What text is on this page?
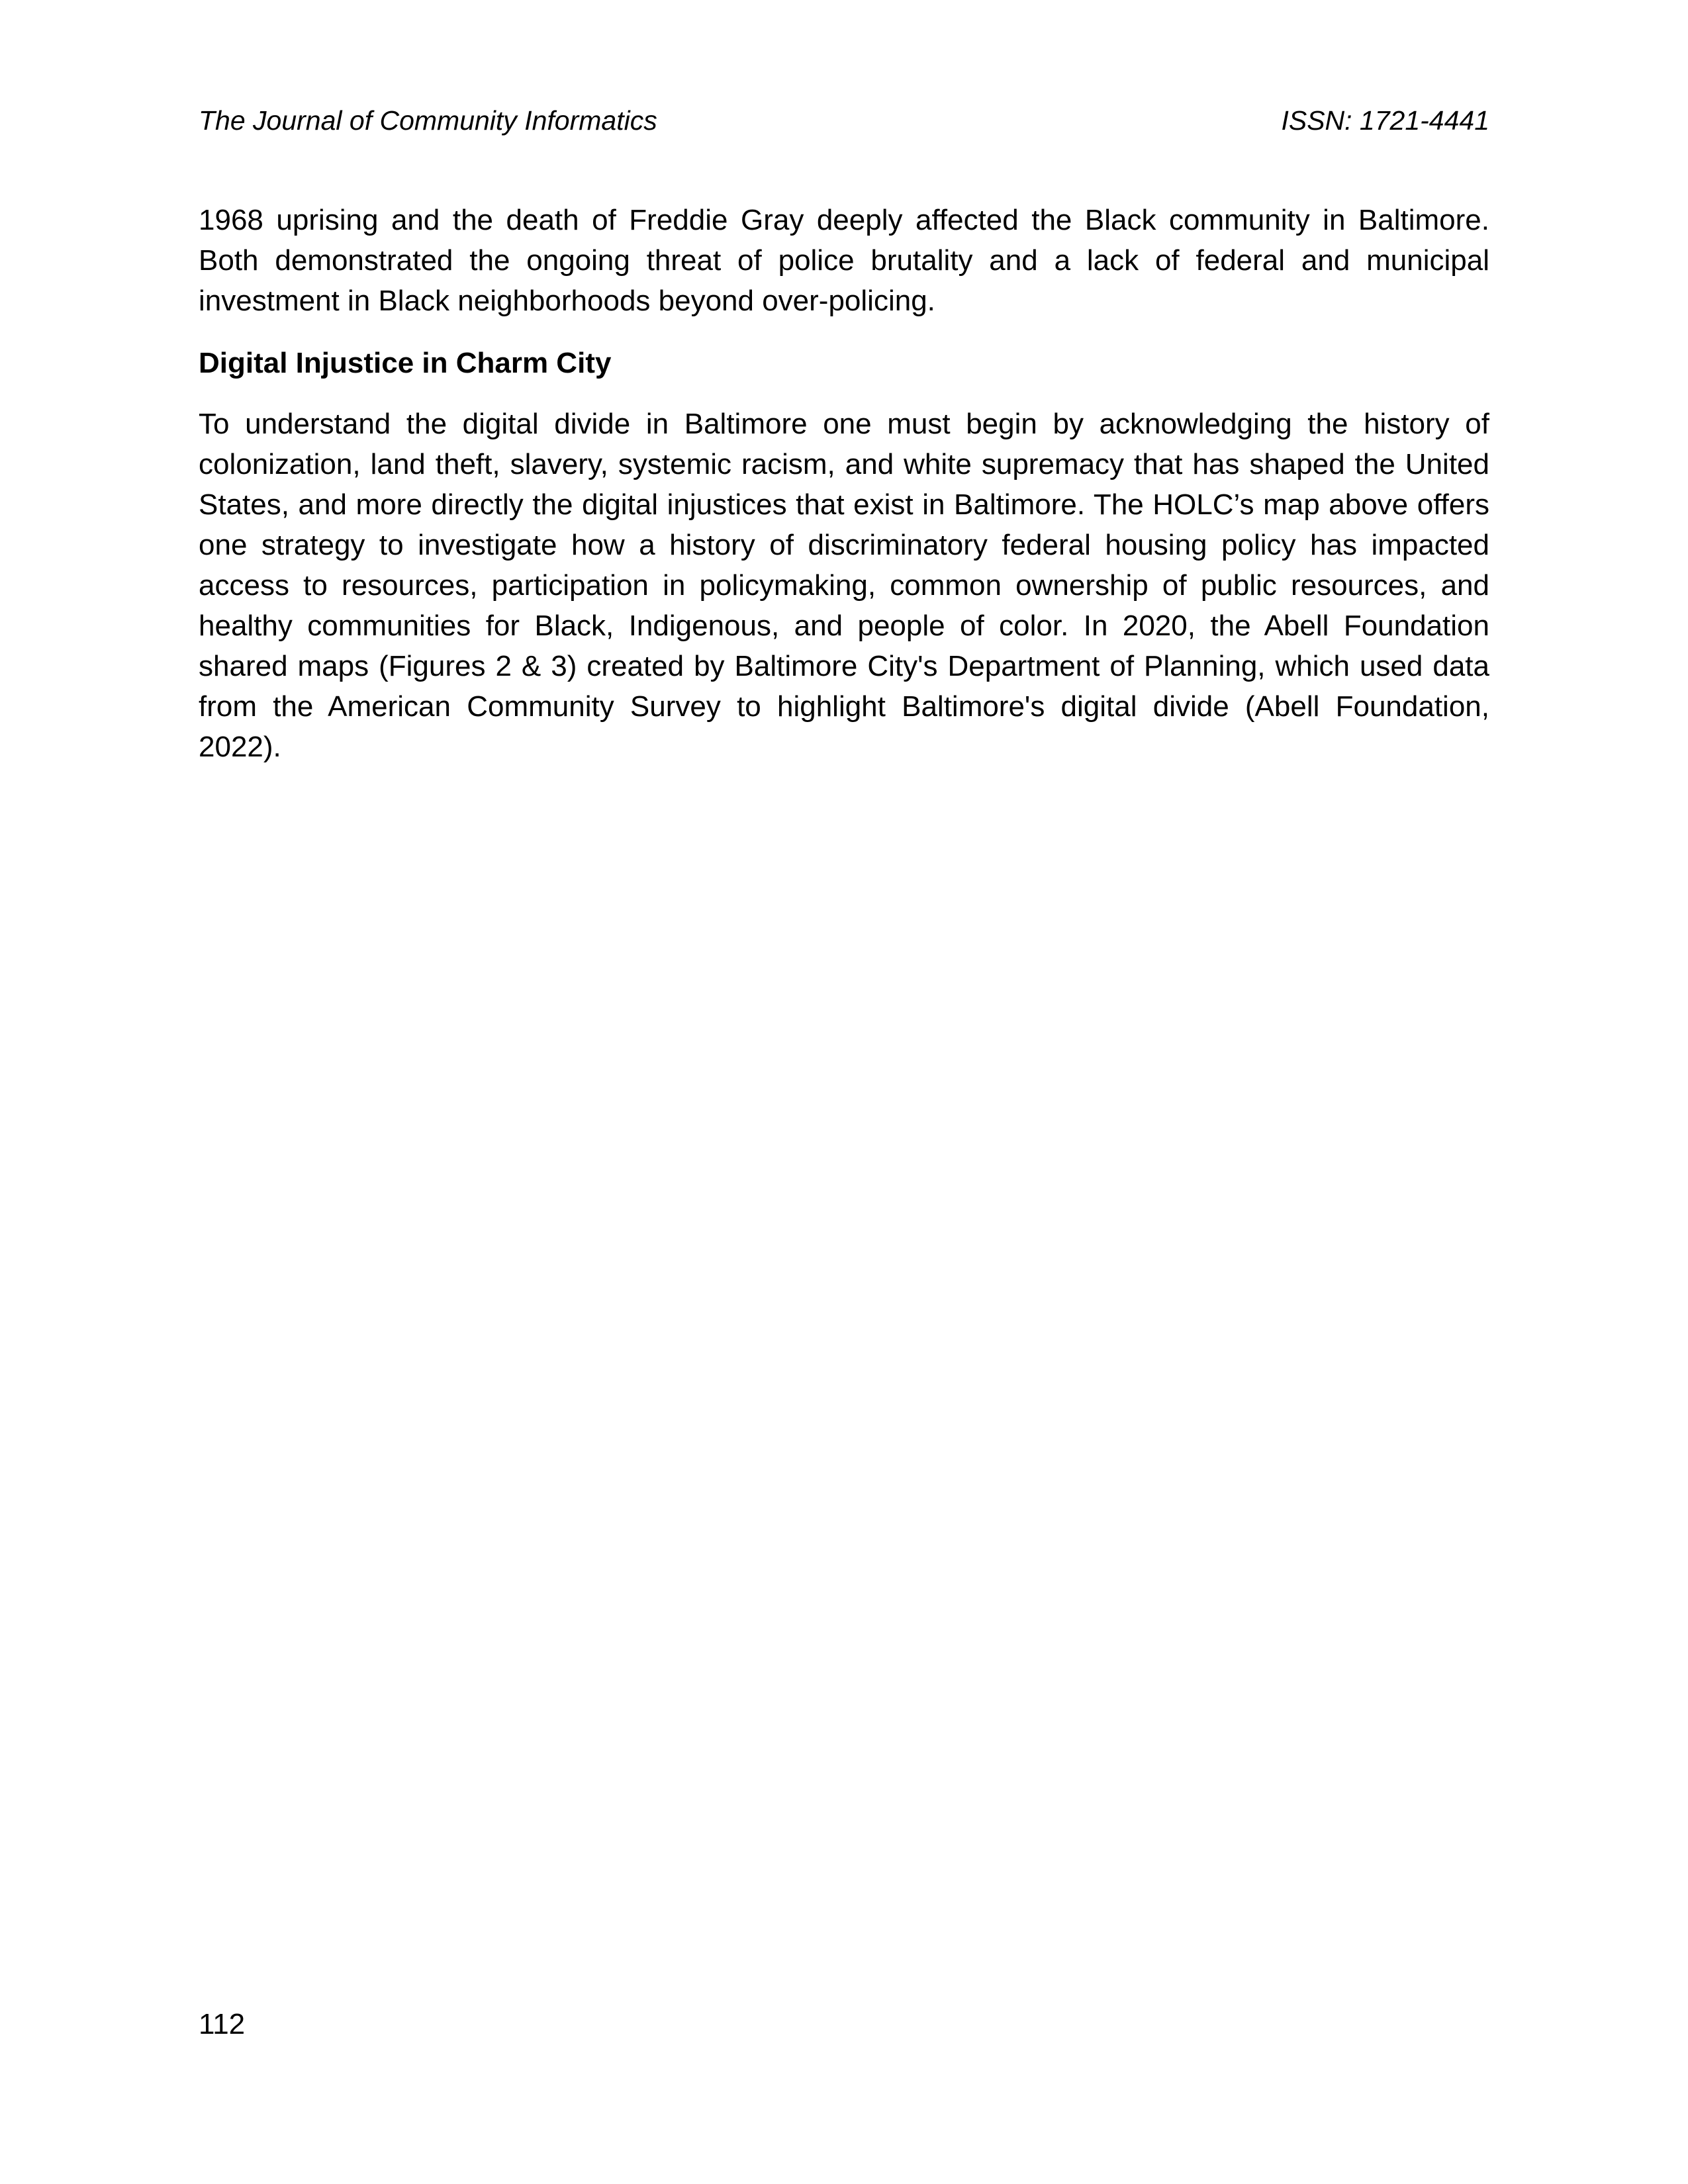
The Journal of Community Informatics	ISSN: 1721-4441

1968 uprising and the death of Freddie Gray deeply affected the Black community in Baltimore. Both demonstrated the ongoing threat of police brutality and a lack of federal and municipal investment in Black neighborhoods beyond over-policing.

Digital Injustice in Charm City

To understand the digital divide in Baltimore one must begin by acknowledging the history of colonization, land theft, slavery, systemic racism, and white supremacy that has shaped the United States, and more directly the digital injustices that exist in Baltimore. The HOLC’s map above offers one strategy to investigate how a history of discriminatory federal housing policy has impacted access to resources, participation in policymaking, common ownership of public resources, and healthy communities for Black, Indigenous, and people of color. In 2020, the Abell Foundation shared maps (Figures 2 & 3) created by Baltimore City's Department of Planning, which used data from the American Community Survey to highlight Baltimore's digital divide (Abell Foundation, 2022).

112
